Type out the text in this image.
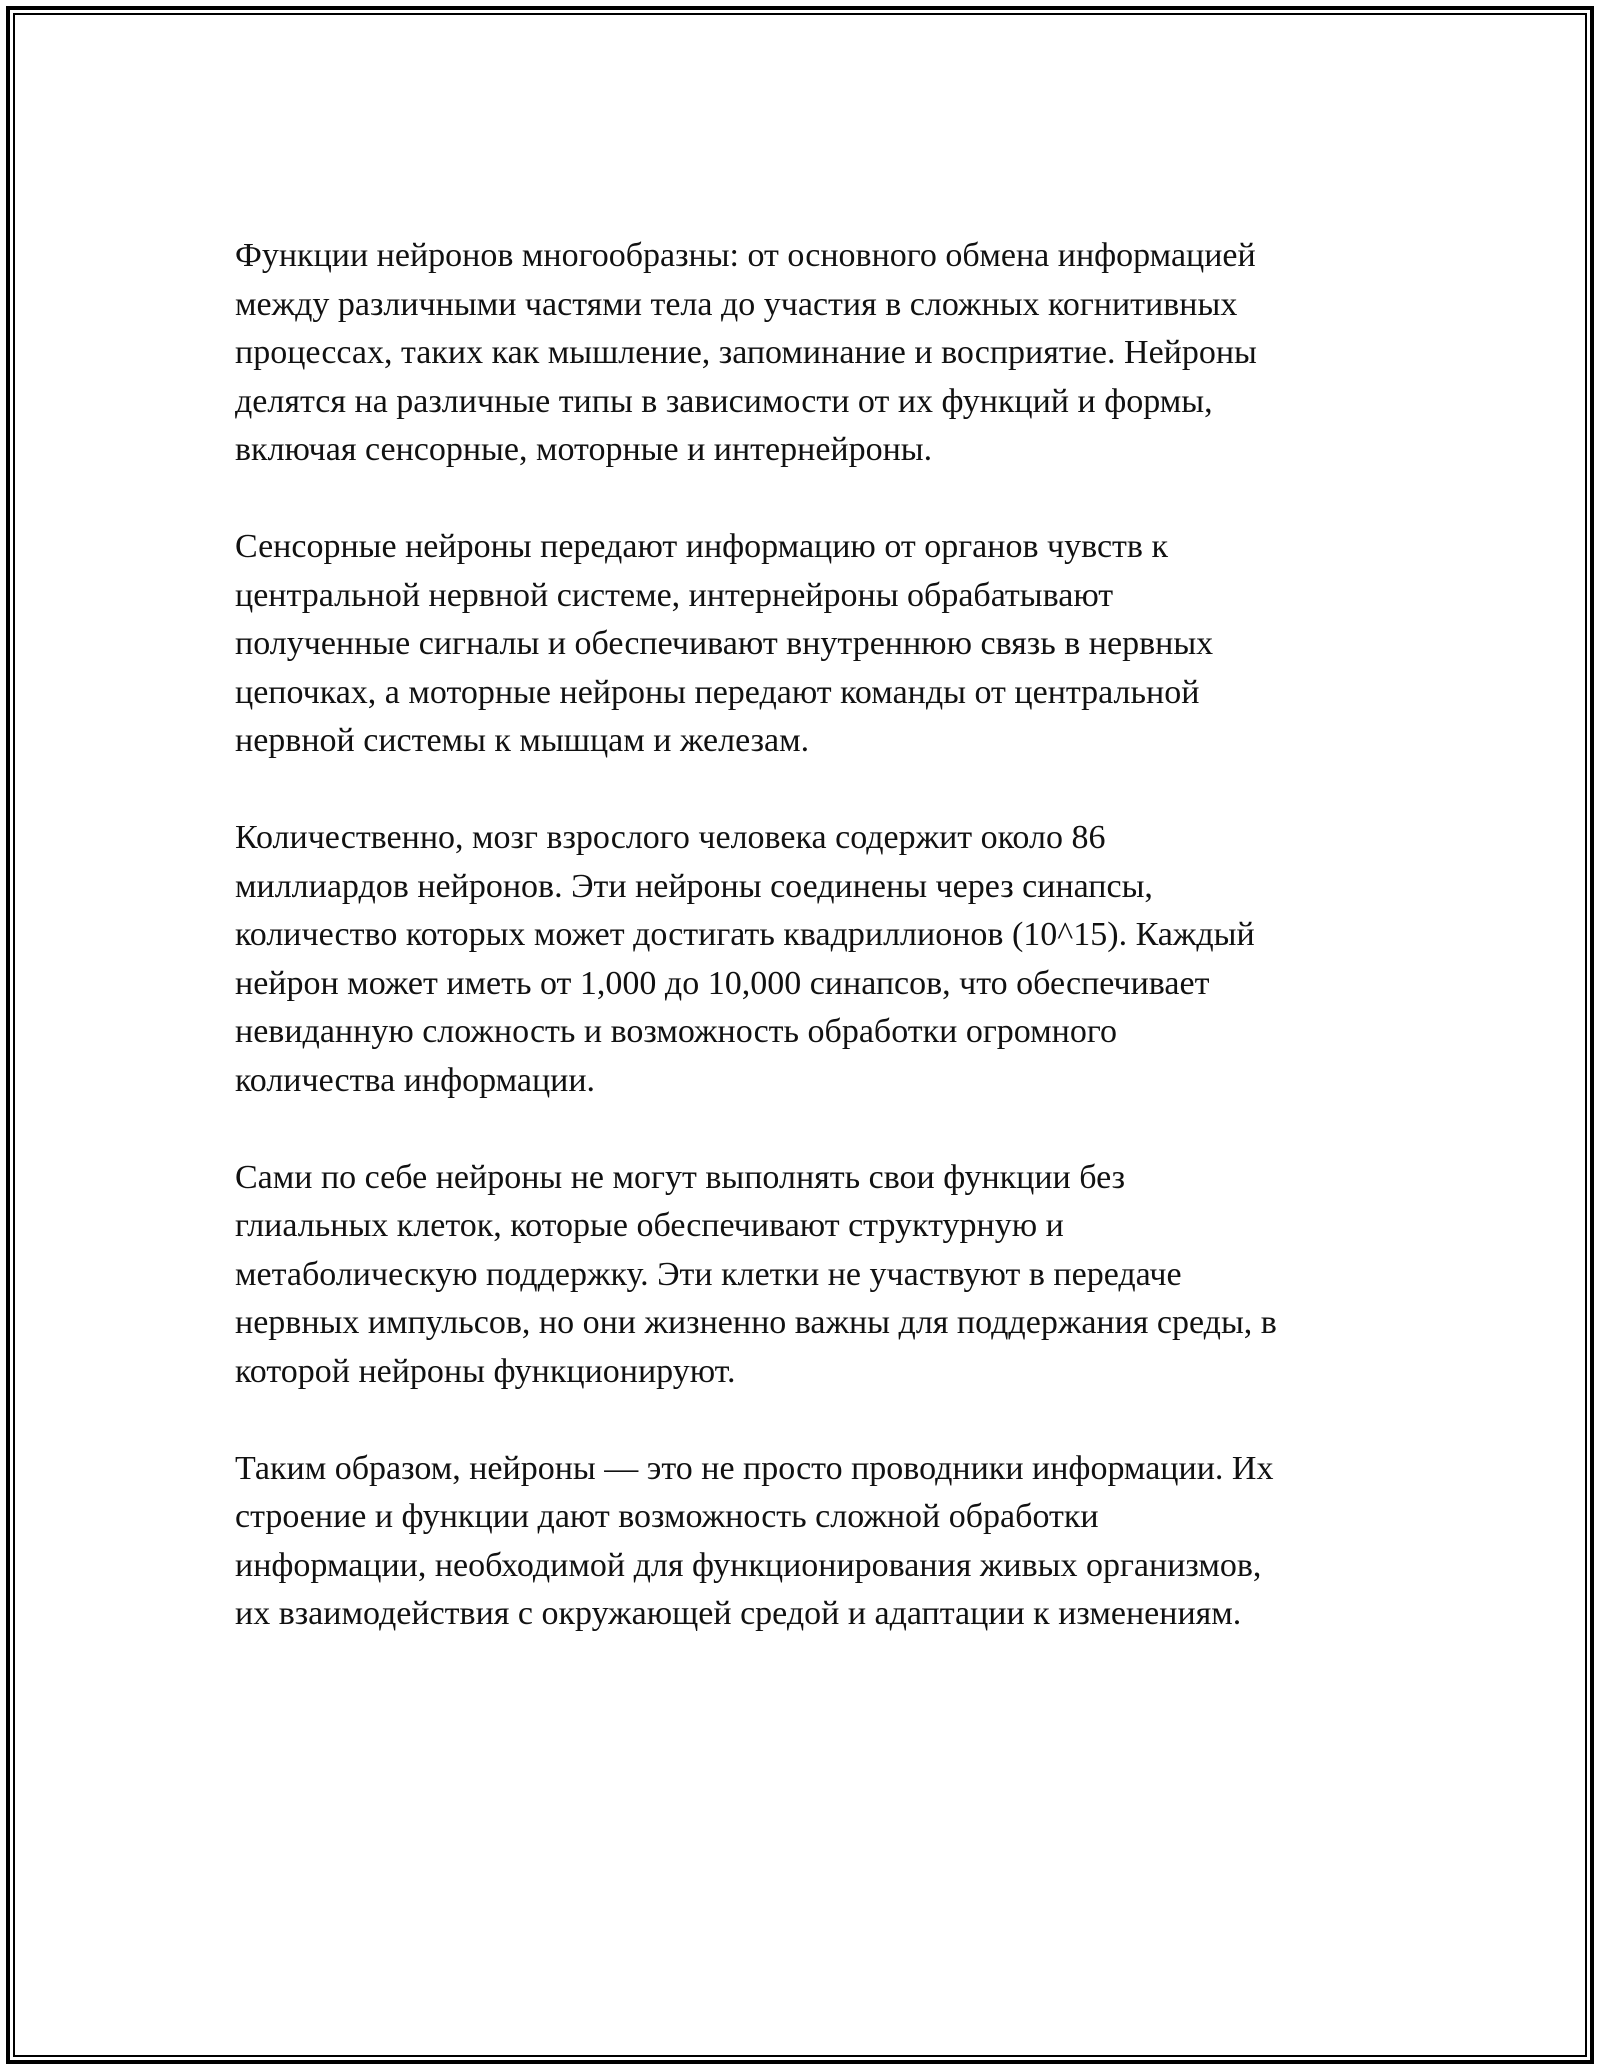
Функции нейронов многообразны: от основного обмена информацией
между различными частями тела до участия в сложных когнитивных
процессах, таких как мышление, запоминание и восприятие. Нейроны
делятся на различные типы в зависимости от их функций и формы,
включая сенсорные, моторные и интернейроны.

Сенсорные нейроны передают информацию от органов чувств к
центральной нервной системе, интернейроны обрабатывают
полученные сигналы и обеспечивают внутреннюю связь в нервных
цепочках, а моторные нейроны передают команды от центральной
нервной системы к мышцам и железам.

Количественно, мозг взрослого человека содержит около 86
миллиардов нейронов. Эти нейроны соединены через синапсы,
количество которых может достигать квадриллионов (10^15). Каждый
нейрон может иметь от 1,000 до 10,000 синапсов, что обеспечивает
невиданную сложность и возможность обработки огромного
количества информации.

Сами по себе нейроны не могут выполнять свои функции без
глиальных клеток, которые обеспечивают структурную и
метаболическую поддержку. Эти клетки не участвуют в передаче
нервных импульсов, но они жизненно важны для поддержания среды, в
которой нейроны функционируют.

Таким образом, нейроны — это не просто проводники информации. Их
строение и функции дают возможность сложной обработки
информации, необходимой для функционирования живых организмов,
их взаимодействия с окружающей средой и адаптации к изменениям.
